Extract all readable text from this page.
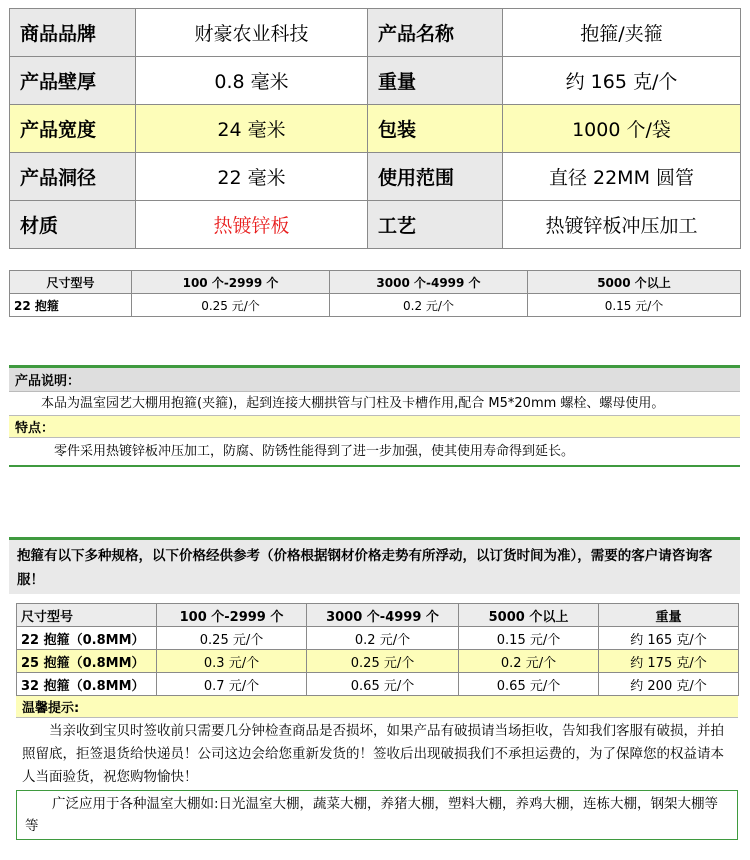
商品品牌	财豪农业科技	产品名称	抱箍/夹箍
产品壁厚	0.8 毫米	重量	约 165 克/个
产品宽度	24 毫米	包装	1000 个/袋
产品洞径	22 毫米	使用范围	直径 22MM 圆管
材质	热镀锌板	工艺	热镀锌板冲压加工
尺寸型号	100 个-2999 个	3000 个-4999 个	5000 个以上
22 抱箍	0.25 元/个	0.2 元/个	0.15 元/个
产品说明：
本品为温室园艺大棚用抱箍(夹箍)，起到连接大棚拱管与门柱及卡槽作用,配合 M5*20mm 螺栓、螺母使用。
特点：
零件采用热镀锌板冲压加工，防腐、防锈性能得到了进一步加强，使其使用寿命得到延长。
抱箍有以下多种规格，以下价格经供参考（价格根据钢材价格走势有所浮动，以订货时间为准），需要的客户请咨询客服！
尺寸型号	100 个-2999 个	3000 个-4999 个	5000 个以上	重量
22 抱箍（0.8MM）	0.25 元/个	0.2 元/个	0.15 元/个	约 165 克/个
25 抱箍（0.8MM）	0.3 元/个	0.25 元/个	0.2 元/个	约 175 克/个
32 抱箍（0.8MM）	0.7 元/个	0.65 元/个	0.65 元/个	约 200 克/个
温馨提示:
当亲收到宝贝时签收前只需要几分钟检查商品是否损坏，如果产品有破损请当场拒收，告知我们客服有破损，并拍照留底，拒签退货给快递员！公司这边会给您重新发货的！签收后出现破损我们不承担运费的，为了保障您的权益请本人当面验货，祝您购物愉快！
广泛应用于各种温室大棚如:日光温室大棚，蔬菜大棚，养猪大棚，塑料大棚，养鸡大棚，连栋大棚，钢架大棚等等
